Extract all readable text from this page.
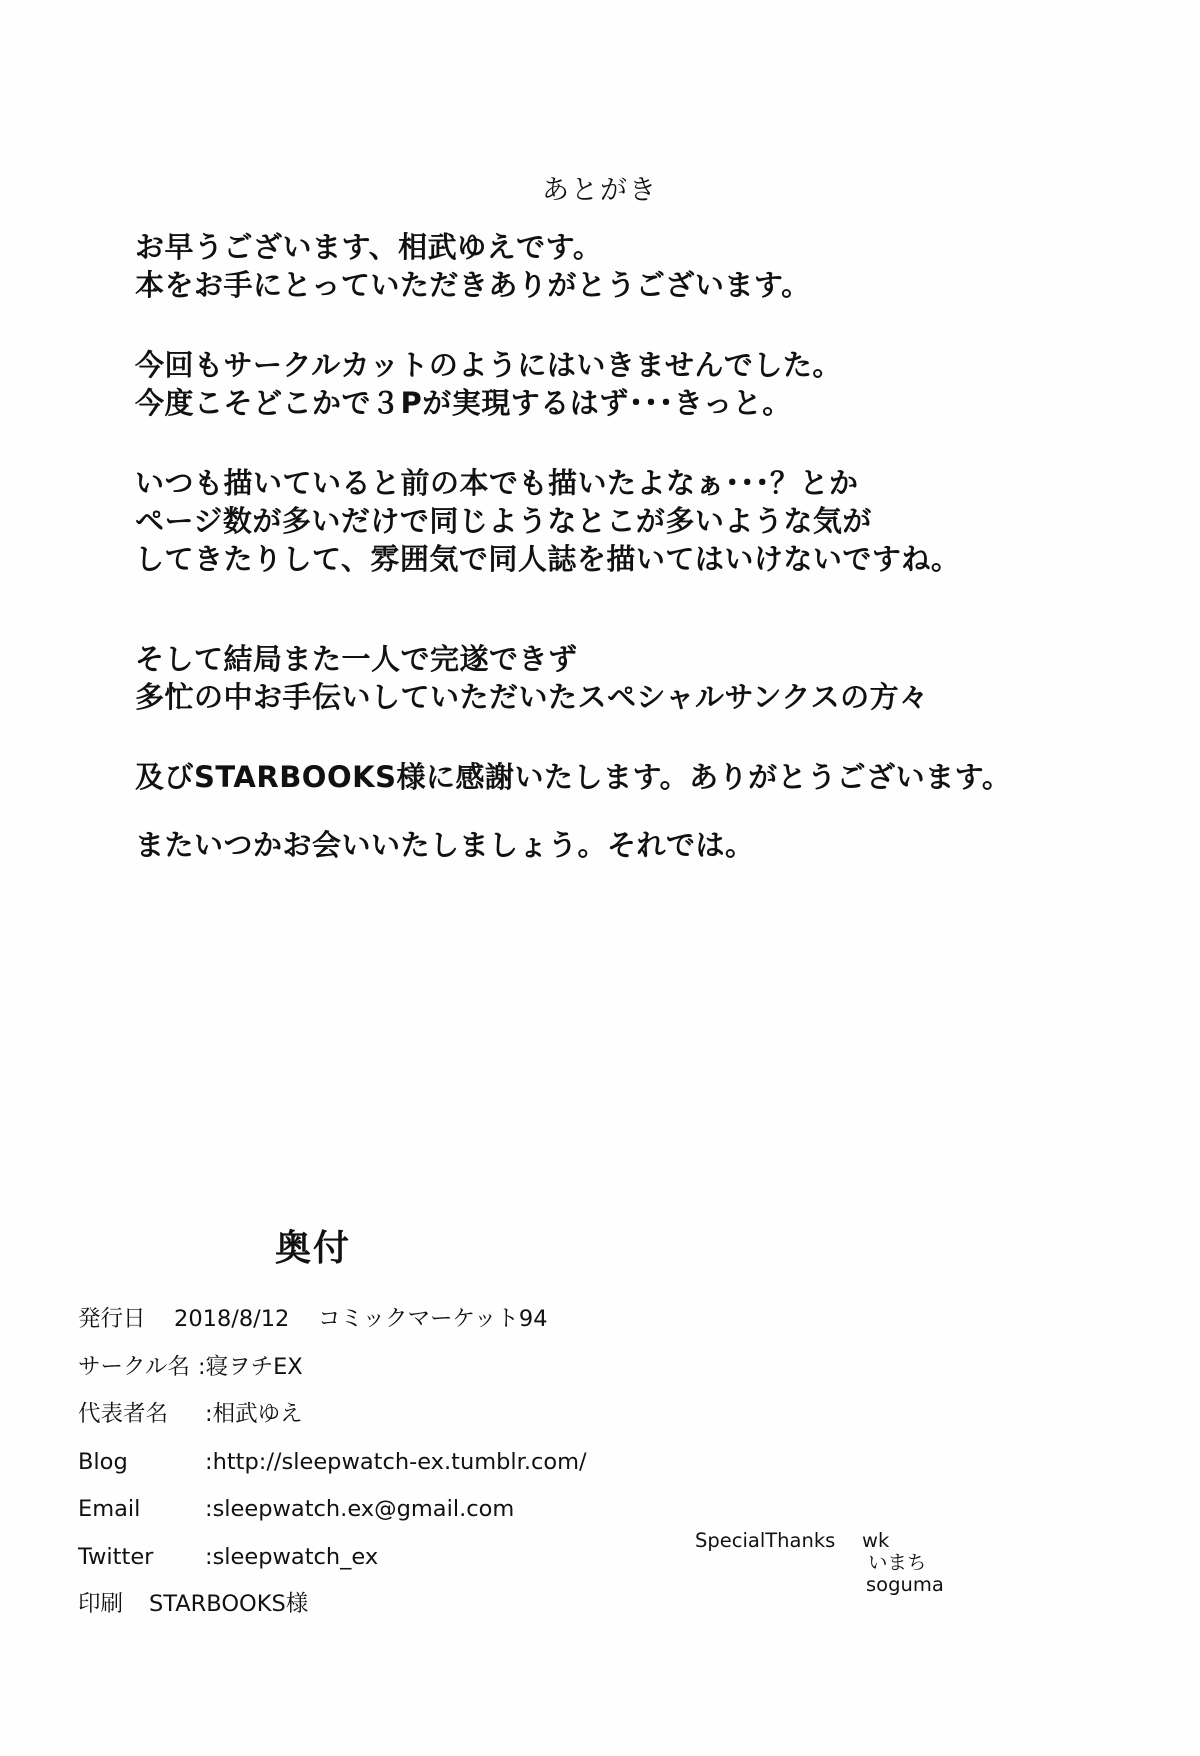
あとがき
お早うございます、相武ゆえです。
本をお手にとっていただきありがとうございます。
今回もサークルカットのようにはいきませんでした。
今度こそどこかで３Pが実現するはず･･･きっと。
いつも描いていると前の本でも描いたよなぁ･･･？とか
ページ数が多いだけで同じようなとこが多いような気が
してきたりして、雰囲気で同人誌を描いてはいけないですね。
そして結局また一人で完遂できず
多忙の中お手伝いしていただいたスペシャルサンクスの方々
及びSTARBOOKS様に感謝いたします。ありがとうございます。
またいつかお会いいたしましょう。それでは。
奥付
発行日 2018/8/12 コミックマーケット94
サークル名 :寝ヲチEX
代表者名 :相武ゆえ
Blog	:http://sleepwatch-ex.tumblr.com/
Email	:sleepwatch.ex@gmail.com
Twitter :sleepwatch_ex
印刷 STARBOOKS様
SpecialThanks wk
いまち
soguma
